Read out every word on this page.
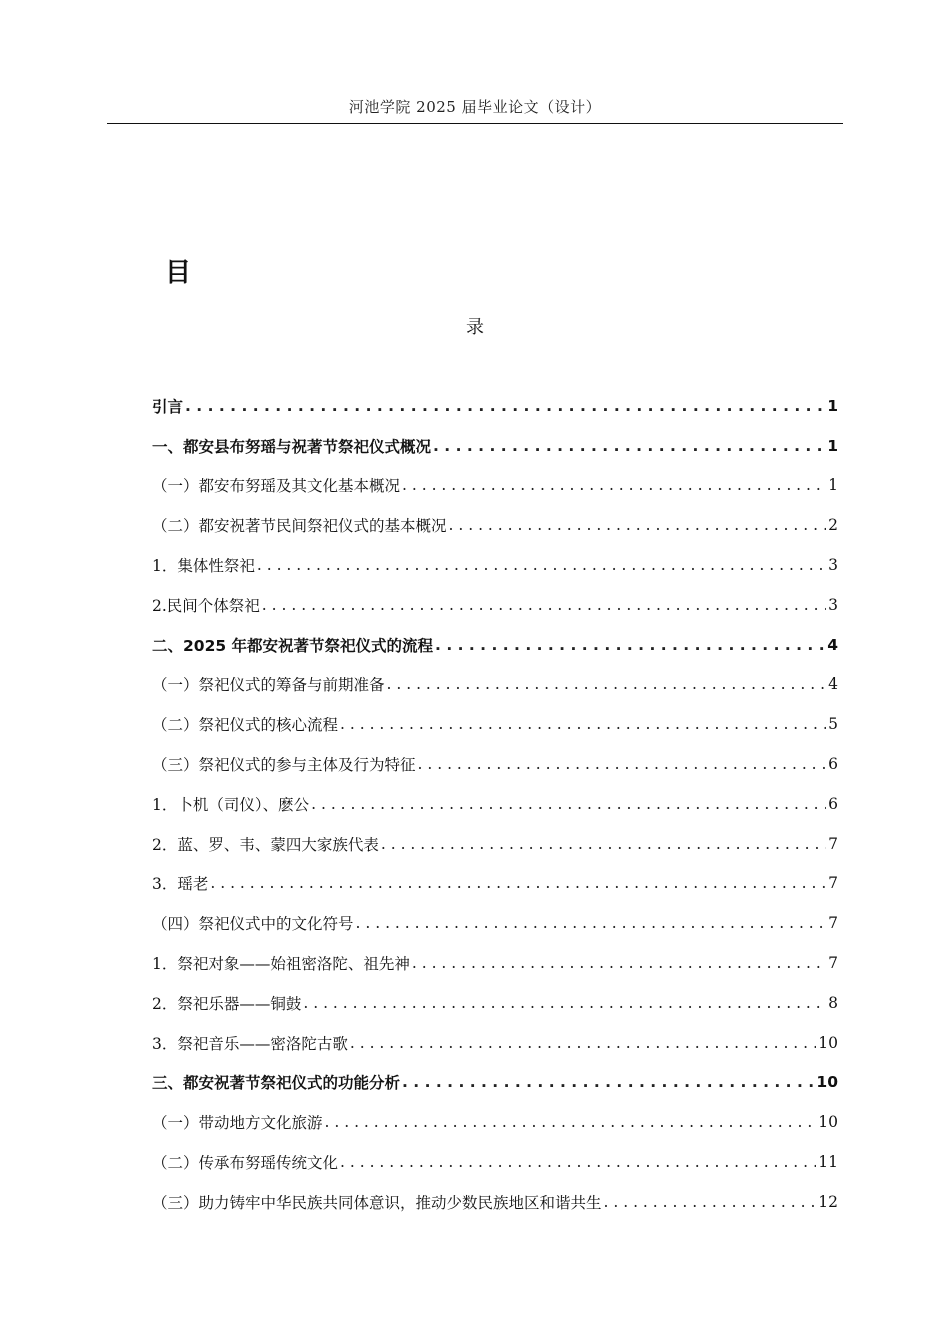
河池学院 2025 届毕业论文（设计）
目
录
引言 . . .	1
一、都安县布努瑶与祝著节祭祀仪式概况 . . .	1
（一）都安布努瑶及其文化基本概况 . . .	1
（二）都安祝著节民间祭祀仪式的基本概况 . . .	2
1．集体性祭祀 . . .	3
2.民间个体祭祀 . . .	3
二、2025 年都安祝著节祭祀仪式的流程 . . .	4
（一）祭祀仪式的筹备与前期准备 . . .	4
（二）祭祀仪式的核心流程 . . .	5
（三）祭祀仪式的参与主体及行为特征 . . .	6
1．卜机（司仪）、麽公 . . .	6
2．蓝、罗、韦、蒙四大家族代表 . . .	7
3．瑶老 . . .	7
（四）祭祀仪式中的文化符号 . . .	7
1．祭祀对象——始祖密洛陀、祖先神 . . .	7
2．祭祀乐器——铜鼓 . . .	8
3．祭祀音乐——密洛陀古歌 . . .	10
三、都安祝著节祭祀仪式的功能分析 . . .	10
（一）带动地方文化旅游 . . .	10
（二）传承布努瑶传统文化 . . .	11
（三）助力铸牢中华民族共同体意识，推动少数民族地区和谐共生 . . .	12
